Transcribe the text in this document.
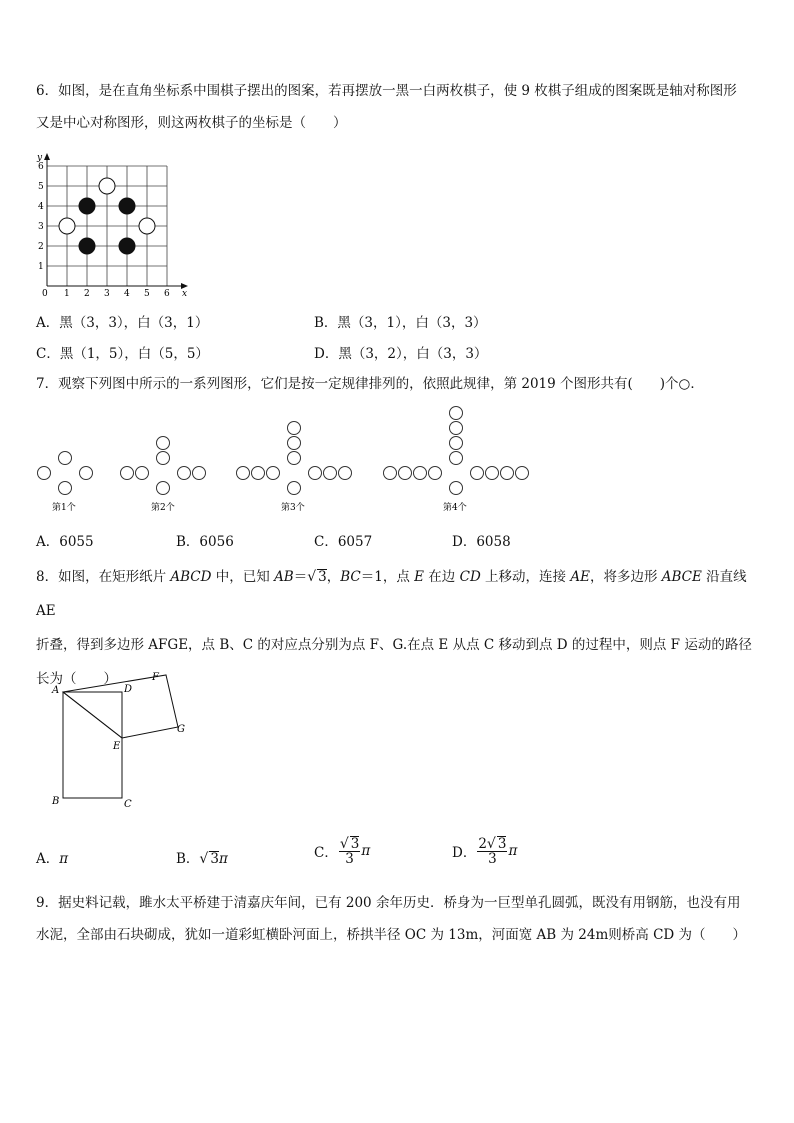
6．如图，是在直角坐标系中围棋子摆出的图案，若再摆放一黑一白两枚棋子，使 9 枚棋子组成的图案既是轴对称图形
又是中心对称图形，则这两枚棋子的坐标是（　　）
x
y
0 1 2 3 4 5 6
1
2
3
4
5
6
A．黑（3，3），白（3，1）	B．黑（3，1），白（3，3）
C．黑（1，5），白（5，5）	D．黑（3，2），白（3，3）
7．观察下列图中所示的一系列图形，它们是按一定规律排列的，依照此规律，第 2019 个图形共有(　　)个○．
第1个	第2个	第3个	第4个
A．6055	B．6056	C．6057	D．6058
8．如图，在矩形纸片 ABCD 中，已知 AB＝√ 3，BC＝1，点 E 在边 CD 上移动，连接 AE，将多边形 ABCE 沿直线 AE
折叠，得到多边形 AFGE，点 B、C 的对应点分别为点 F、G.在点 E 从点 C 移动到点 D 的过程中，则点 F 运动的路径
长为（　　）
A	D
F
G
E
B	C
A．π	B．√ 3π	C． $\frac{√ 3}{3}$ π	D． $\frac{2√ 3}{3}$ π
9．据史料记载，雎水太平桥建于清嘉庆年间，已有 200 余年历史．桥身为一巨型单孔圆弧，既没有用钢筋，也没有用
水泥，全部由石块砌成，犹如一道彩虹横卧河面上，桥拱半径 OC 为 13m，河面宽 AB 为 24m则桥高 CD 为（　　）
